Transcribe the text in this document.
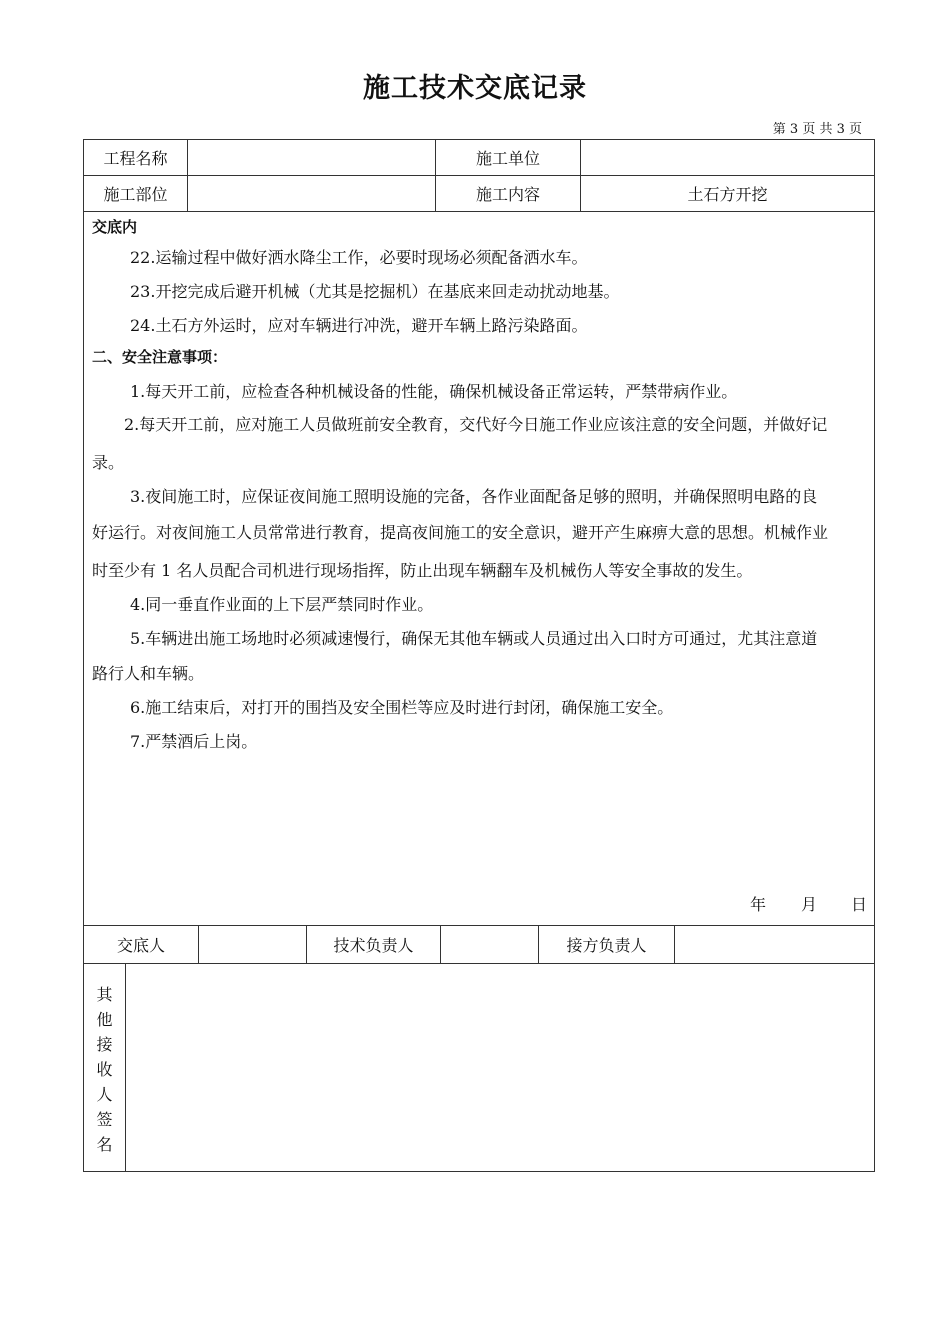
施工技术交底记录
第 3 页 共 3 页
工程名称	施工单位
施工部位	施工内容	土石方开挖
交底内
22.运输过程中做好洒水降尘工作，必要时现场必须配备洒水车。
23.开挖完成后避开机械（尤其是挖掘机）在基底来回走动扰动地基。
24.土石方外运时，应对车辆进行冲洗，避开车辆上路污染路面。
二、安全注意事项：
1.每天开工前，应检查各种机械设备的性能，确保机械设备正常运转，严禁带病作业。
2.每天开工前，应对施工人员做班前安全教育，交代好今日施工作业应该注意的安全问题，并做好记
录。
3.夜间施工时，应保证夜间施工照明设施的完备，各作业面配备足够的照明，并确保照明电路的良
好运行。对夜间施工人员常常进行教育，提高夜间施工的安全意识，避开产生麻痹大意的思想。机械作业
时至少有 1 名人员配合司机进行现场指挥，防止出现车辆翻车及机械伤人等安全事故的发生。
4.同一垂直作业面的上下层严禁同时作业。
5.车辆进出施工场地时必须减速慢行，确保无其他车辆或人员通过出入口时方可通过，尤其注意道
路行人和车辆。
6.施工结束后，对打开的围挡及安全围栏等应及时进行封闭，确保施工安全。
7.严禁酒后上岗。
年 月 日
交底人	技术负责人	接方负责人
其
他
接
收
人
签
名
